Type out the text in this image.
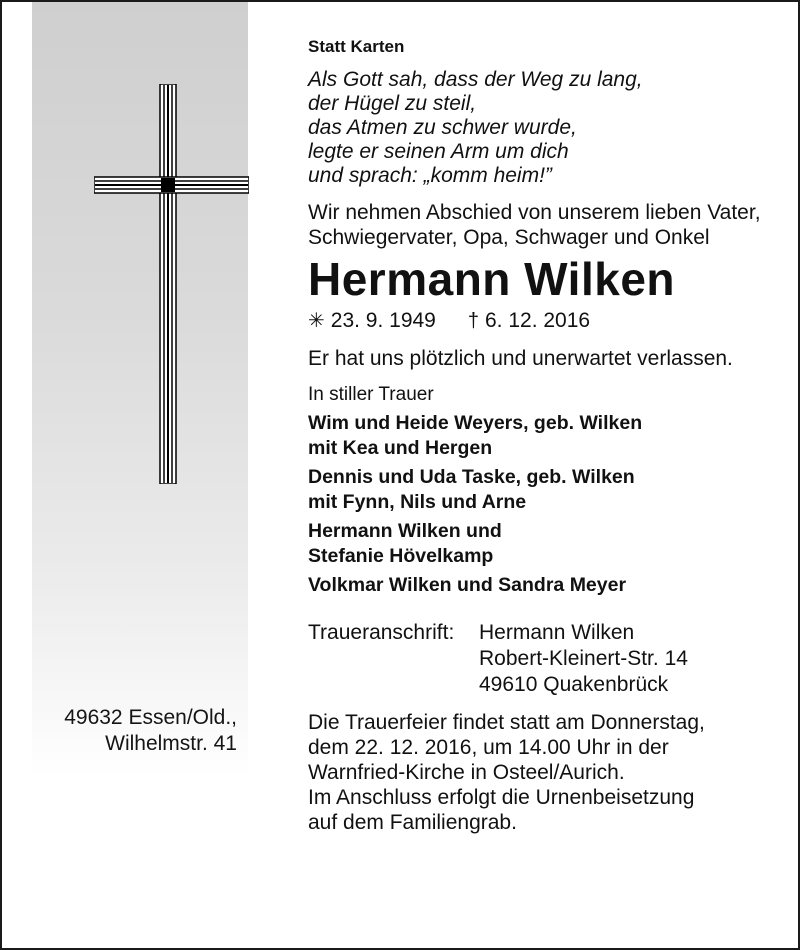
49632 Essen/Old.,
Wilhelmstr. 41
Statt Karten
Als Gott sah, dass der Weg zu lang,
der Hügel zu steil,
das Atmen zu schwer wurde,
legte er seinen Arm um dich
und sprach: „komm heim!”

Wir nehmen Abschied von unserem lieben Vater, Schwiegervater, Opa, Schwager und Onkel

Hermann Wilken
✳ 23. 9. 1949 † 6. 12. 2016

Er hat uns plötzlich und unerwartet verlassen.

In stiller Trauer
Wim und Heide Weyers, geb. Wilken
mit Kea und Hergen
Dennis und Uda Taske, geb. Wilken
mit Fynn, Nils und Arne
Hermann Wilken und
Stefanie Hövelkamp
Volkmar Wilken und Sandra Meyer
Traueranschrift: Hermann Wilken
Robert-Kleinert-Str. 14
49610 Quakenbrück
Die Trauerfeier findet statt am Donnerstag,
dem 22. 12. 2016, um 14.00 Uhr in der
Warnfried-Kirche in Osteel/Aurich.
Im Anschluss erfolgt die Urnenbeisetzung
auf dem Familiengrab.
